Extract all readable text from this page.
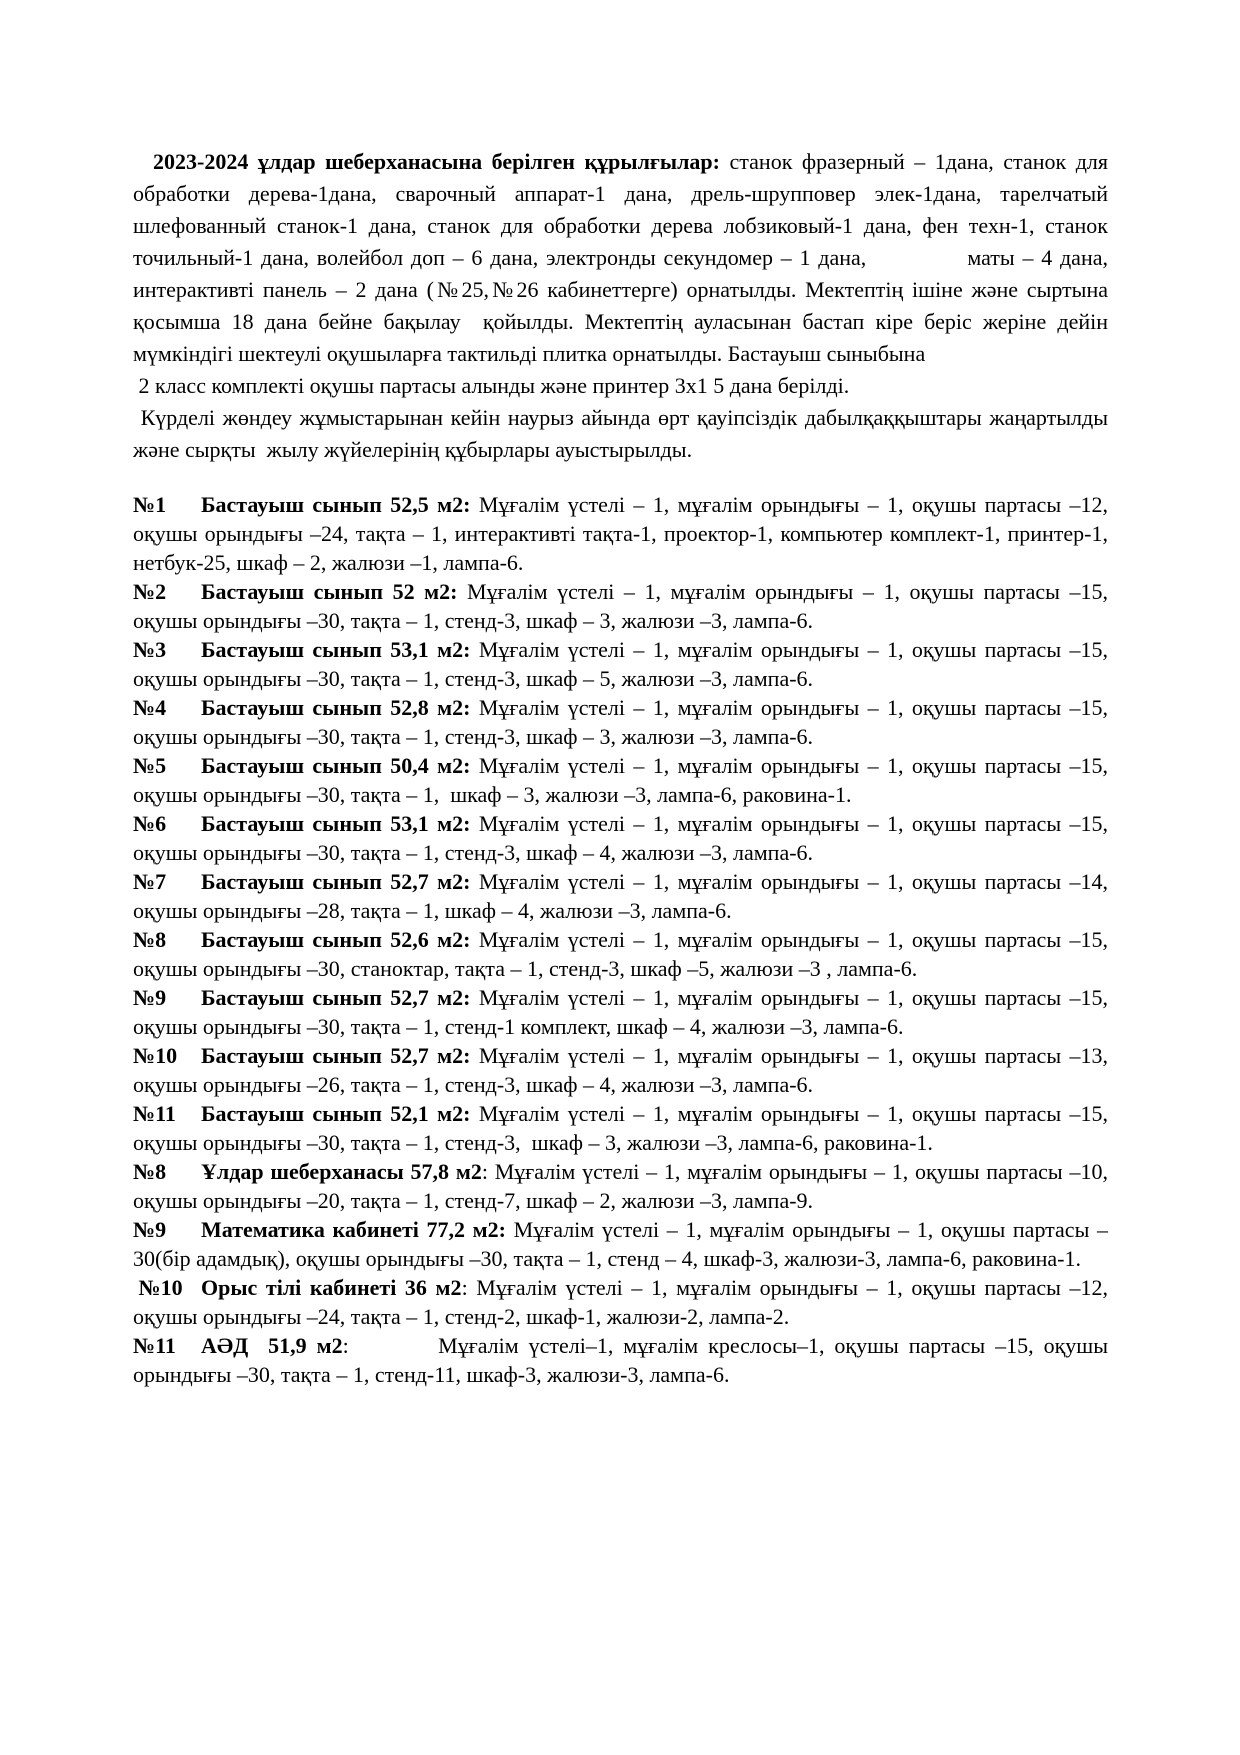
2023-2024 ұлдар шеберханасына берілген құрылғылар: станок фразерный – 1дана, станок для обработки дерева-1дана, сварочный аппарат-1 дана, дрель-шрупповер элек-1дана, тарелчатый шлефованный станок-1 дана, станок для обработки дерева лобзиковый-1 дана, фен техн-1, станок точильный-1 дана, волейбол доп – 6 дана, электронды секундомер – 1 дана,             маты – 4 дана, интерактивті панель – 2 дана (№25,№26 кабинеттерге) орнатылды. Мектептің ішіне және сыртына қосымша 18 дана бейне бақылау  қойылды. Мектептің ауласынан бастап кіре беріс жеріне дейін мүмкіндігі шектеулі оқушыларға тактильді плитка орнатылды. Бастауыш сыныбына
2 класс комплекті оқушы партасы алынды және принтер 3х1 5 дана берілді.

Күрделі жөндеу жұмыстарынан кейін наурыз айында өрт қауіпсіздік дабылқаққыштары жаңартылды және сырқты  жылу жүйелерінің құбырлары ауыстырылды.

№1 Бастауыш сынып 52,5 м2: Мұғалім үстелі – 1, мұғалім орындығы – 1, оқушы партасы –12, оқушы орындығы –24, тақта – 1, интерактивті тақта-1, проектор-1, компьютер комплект-1, принтер-1, нетбук-25, шкаф – 2, жалюзи –1, лампа-6.

№2 Бастауыш сынып 52 м2: Мұғалім үстелі – 1, мұғалім орындығы – 1, оқушы партасы –15, оқушы орындығы –30, тақта – 1, стенд-3, шкаф – 3, жалюзи –3, лампа-6.

№3 Бастауыш сынып 53,1 м2: Мұғалім үстелі – 1, мұғалім орындығы – 1, оқушы партасы –15, оқушы орындығы –30, тақта – 1, стенд-3, шкаф – 5, жалюзи –3, лампа-6.

№4 Бастауыш сынып 52,8 м2: Мұғалім үстелі – 1, мұғалім орындығы – 1, оқушы партасы –15, оқушы орындығы –30, тақта – 1, стенд-3, шкаф – 3, жалюзи –3, лампа-6.

№5 Бастауыш сынып 50,4 м2: Мұғалім үстелі – 1, мұғалім орындығы – 1, оқушы партасы –15, оқушы орындығы –30, тақта – 1,  шкаф – 3, жалюзи –3, лампа-6, раковина-1.

№6 Бастауыш сынып 53,1 м2: Мұғалім үстелі – 1, мұғалім орындығы – 1, оқушы партасы –15, оқушы орындығы –30, тақта – 1, стенд-3, шкаф – 4, жалюзи –3, лампа-6.

№7 Бастауыш сынып 52,7 м2: Мұғалім үстелі – 1, мұғалім орындығы – 1, оқушы партасы –14, оқушы орындығы –28, тақта – 1, шкаф – 4, жалюзи –3, лампа-6.

№8 Бастауыш сынып 52,6 м2: Мұғалім үстелі – 1, мұғалім орындығы – 1, оқушы партасы –15, оқушы орындығы –30, станоктар, тақта – 1, стенд-3, шкаф –5, жалюзи –3 , лампа-6.

№9 Бастауыш сынып 52,7 м2: Мұғалім үстелі – 1, мұғалім орындығы – 1, оқушы партасы –15, оқушы орындығы –30, тақта – 1, стенд-1 комплект, шкаф – 4, жалюзи –3, лампа-6.

№10 Бастауыш сынып 52,7 м2: Мұғалім үстелі – 1, мұғалім орындығы – 1, оқушы партасы –13, оқушы орындығы –26, тақта – 1, стенд-3, шкаф – 4, жалюзи –3, лампа-6.

№11 Бастауыш сынып 52,1 м2: Мұғалім үстелі – 1, мұғалім орындығы – 1, оқушы партасы –15, оқушы орындығы –30, тақта – 1, стенд-3,  шкаф – 3, жалюзи –3, лампа-6, раковина-1.

№8 Ұлдар шеберханасы 57,8 м2: Мұғалім үстелі – 1, мұғалім орындығы – 1, оқушы партасы –10, оқушы орындығы –20, тақта – 1, стенд-7, шкаф – 2, жалюзи –3, лампа-9.

№9 Математика кабинеті 77,2 м2: Мұғалім үстелі – 1, мұғалім орындығы – 1, оқушы партасы –30(бір адамдық), оқушы орындығы –30, тақта – 1, стенд – 4, шкаф-3, жалюзи-3, лампа-6, раковина-1.

№10 Орыс тілі кабинеті 36 м2: Мұғалім үстелі – 1, мұғалім орындығы – 1, оқушы партасы –12, оқушы орындығы –24, тақта – 1, стенд-2, шкаф-1, жалюзи-2, лампа-2.

№11 АӘД  51,9 м2:         Мұғалім үстелі–1, мұғалім креслосы–1, оқушы партасы –15, оқушы орындығы –30, тақта – 1, стенд-11, шкаф-3, жалюзи-3, лампа-6.
